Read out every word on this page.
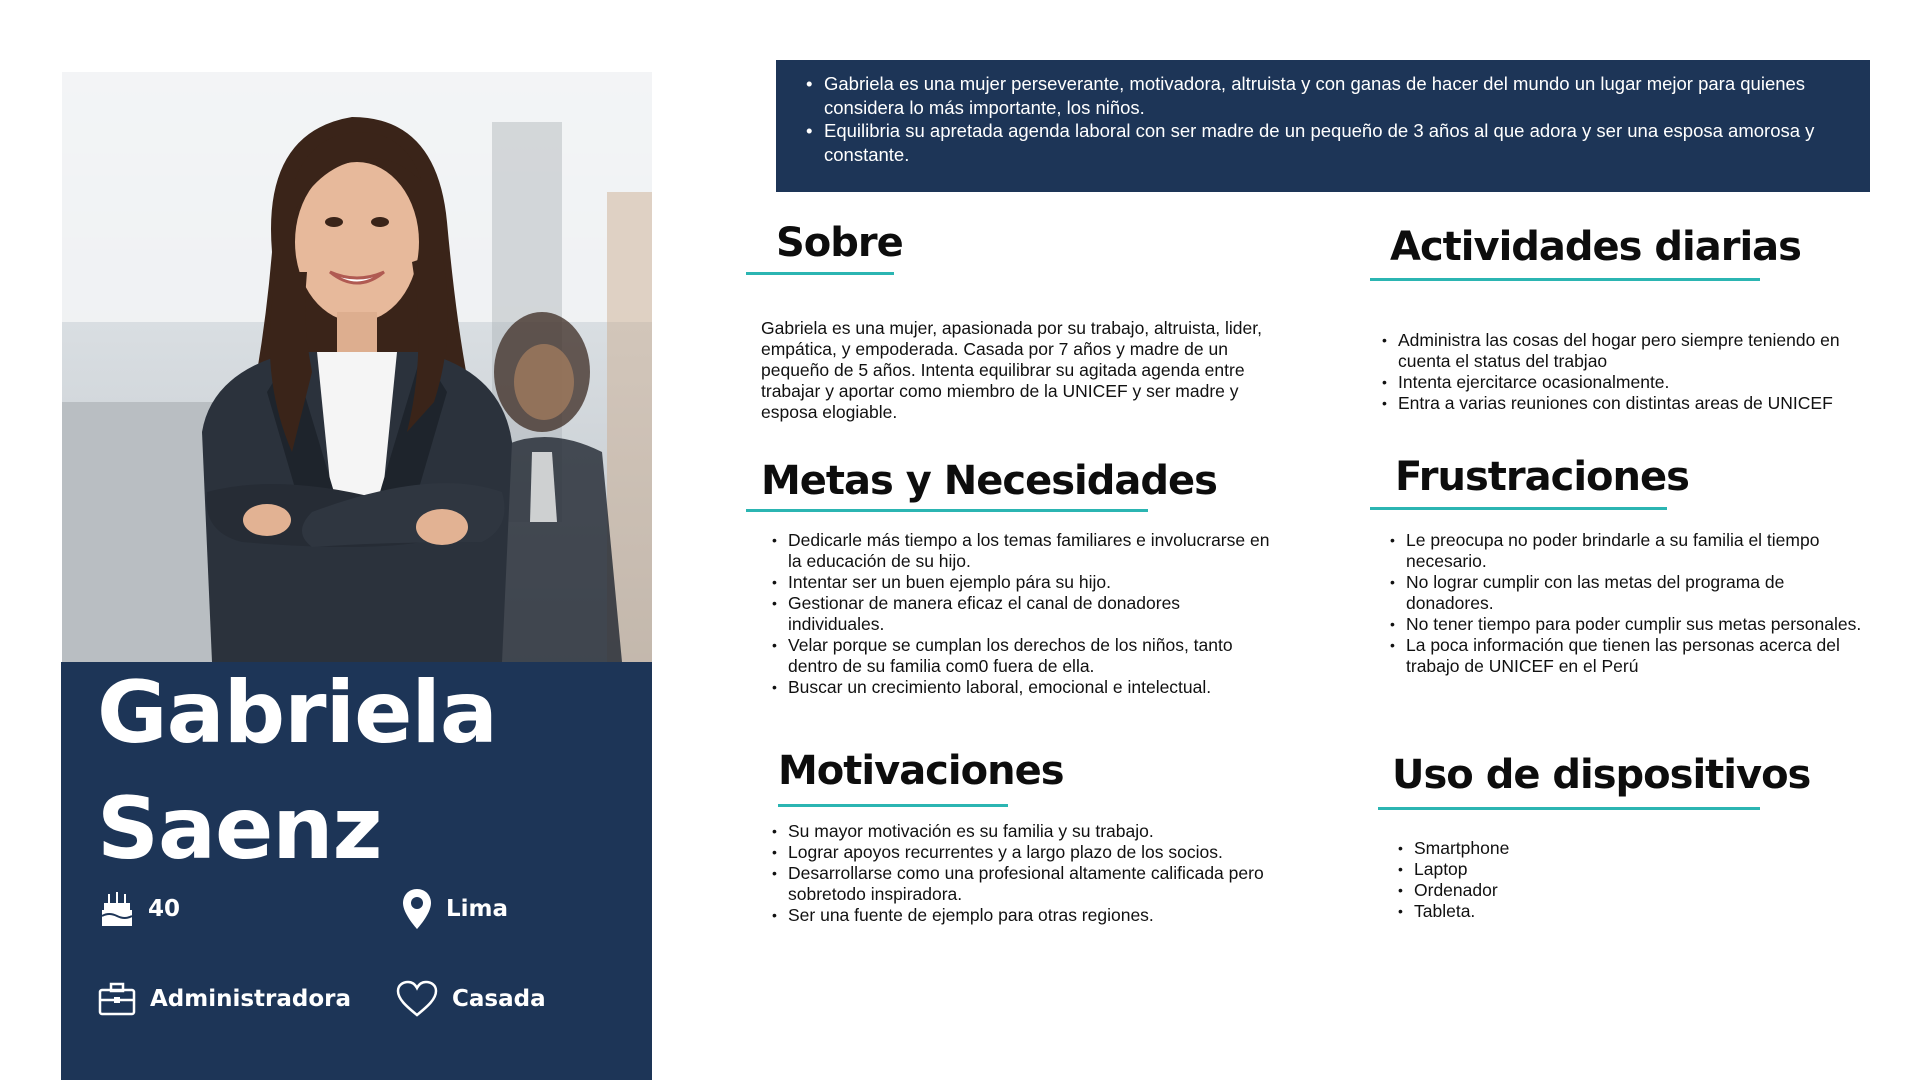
Gabriela
Saenz
40	Lima
Administradora	Casada
• Gabriela es una mujer perseverante, motivadora, altruista y con ganas de hacer del mundo un lugar mejor para quienes considera lo más importante, los niños.
• Equilibria su apretada agenda laboral con ser madre de un pequeño de 3 años al que adora y ser una esposa amorosa y constante.
Sobre
Gabriela es una mujer, apasionada por su trabajo, altruista, lider, empática, y empoderada. Casada por 7 años y madre de un pequeño de 5 años. Intenta equilibrar su agitada agenda entre trabajar y aportar como miembro de la UNICEF y ser madre y esposa elogiable.
Actividades diarias
• Administra las cosas del hogar pero siempre teniendo en cuenta el status del trabjao
• Intenta ejercitarce ocasionalmente.
• Entra a varias reuniones con distintas areas de UNICEF
Metas y Necesidades
• Dedicarle más tiempo a los temas familiares e involucrarse en la educación de su hijo.
• Intentar ser un buen ejemplo pára su hijo.
• Gestionar de manera eficaz el canal de donadores individuales.
• Velar porque se cumplan los derechos de los niños, tanto dentro de su familia com0 fuera de ella.
• Buscar un crecimiento laboral, emocional e intelectual.
Frustraciones
• Le preocupa no poder brindarle a su familia el tiempo necesario.
• No lograr cumplir con las metas del programa de donadores.
• No tener tiempo para poder cumplir sus metas personales.
• La poca información que tienen las personas acerca del trabajo de UNICEF en el Perú
Motivaciones
• Su mayor motivación es su familia y su trabajo.
• Lograr apoyos recurrentes y a largo plazo de los socios.
• Desarrollarse como una profesional altamente calificada pero sobretodo inspiradora.
• Ser una fuente de ejemplo para otras regiones.
Uso de dispositivos
• Smartphone
• Laptop
• Ordenador
• Tableta.
